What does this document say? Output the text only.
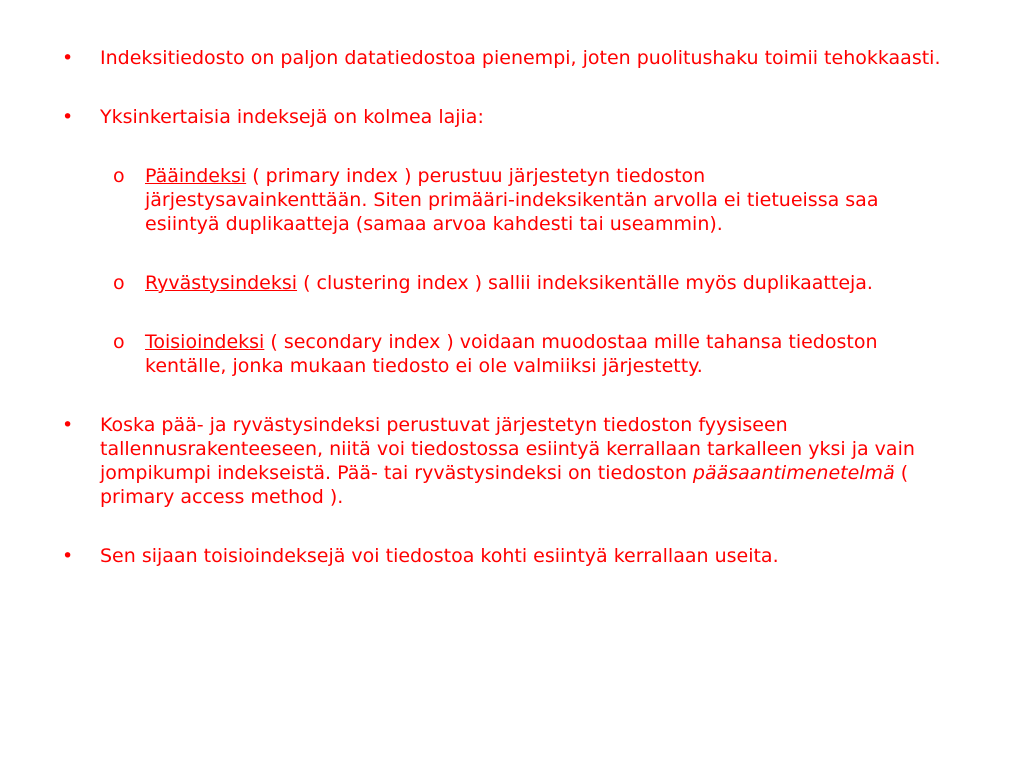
• Indeksitiedosto on paljon datatiedostoa pienempi, joten puolitushaku toimii tehokkaasti.
• Yksinkertaisia indeksejä on kolmea lajia:
o Pääindeksi ( primary index ) perustuu järjestetyn tiedoston järjestysavainkenttään. Siten primääri-indeksikentän arvolla ei tietueissa saa esiintyä duplikaatteja (samaa arvoa kahdesti tai useammin).
o Ryvästysindeksi ( clustering index ) sallii indeksikentälle myös duplikaatteja.
o Toisioindeksi ( secondary index ) voidaan muodostaa mille tahansa tiedoston kentälle, jonka mukaan tiedosto ei ole valmiiksi järjestetty.
• Koska pää- ja ryvästysindeksi perustuvat järjestetyn tiedoston fyysiseen tallennusrakenteeseen, niitä voi tiedostossa esiintyä kerrallaan tarkalleen yksi ja vain jompikumpi indekseistä. Pää- tai ryvästysindeksi on tiedoston pääsaantimenetelmä ( primary access method ).
• Sen sijaan toisioindeksejä voi tiedostoa kohti esiintyä kerrallaan useita.
